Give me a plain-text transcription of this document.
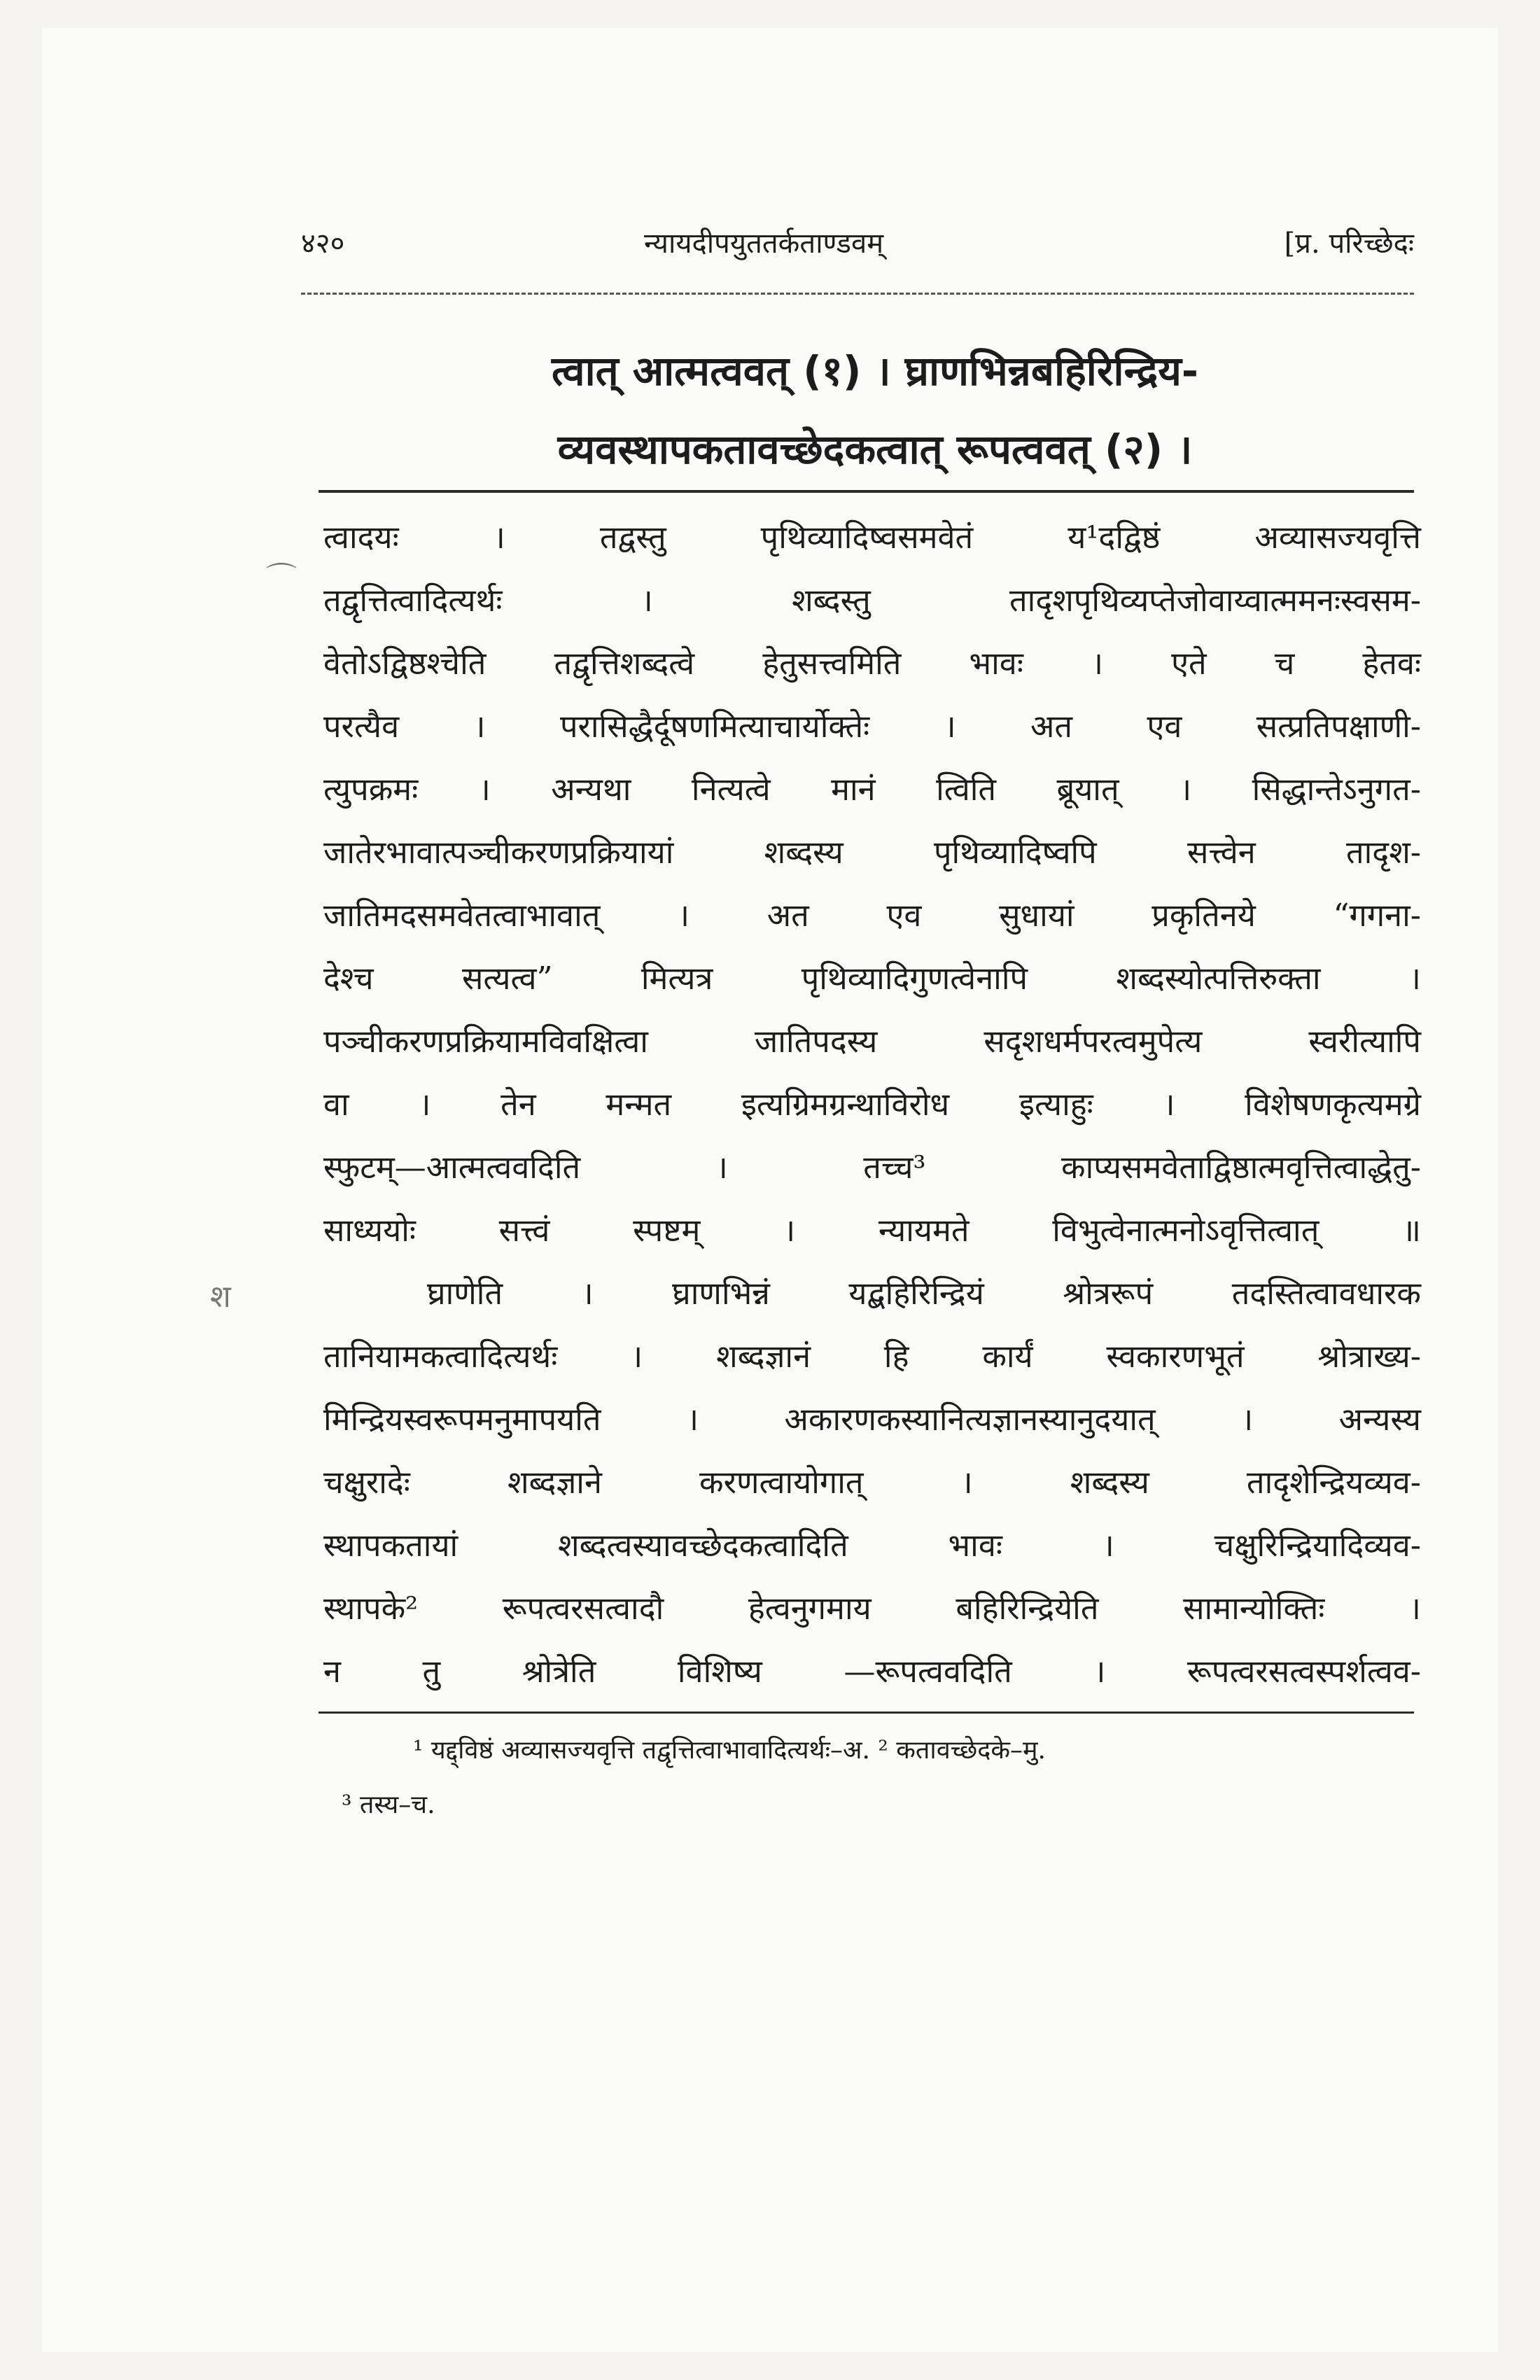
४२०	न्यायदीपयुततर्कताण्डवम्	[प्र. परिच्छेदः
त्वात् आत्मत्ववत् (१) । घ्राणभिन्नबहिरिन्द्रिय-
व्यवस्थापकतावच्छेदकत्वात् रूपत्ववत् (२) ।
⌒
श
त्वादयः । तद्वस्तु पृथिव्यादिष्वसमवेतं य¹दद्विष्ठं अव्यासज्यवृत्ति
तद्वृत्तित्वादित्यर्थः । शब्दस्तु तादृशपृथिव्यप्तेजोवाय्वात्ममनःस्वसम-
वेतोऽद्विष्ठश्चेति तद्वृत्तिशब्दत्वे हेतुसत्त्वमिति भावः । एते च हेतवः
परत्यैव । परासिद्धैर्दूषणमित्याचार्योक्तेः । अत एव सत्प्रतिपक्षाणी-
त्युपक्रमः । अन्यथा नित्यत्वे मानं त्विति ब्रूयात् । सिद्धान्तेऽनुगत-
जातेरभावात्पञ्चीकरणप्रक्रियायां शब्दस्य पृथिव्यादिष्वपि सत्त्वेन तादृश-
जातिमदसमवेतत्वाभावात् । अत एव सुधायां प्रकृतिनये “गगना-
देश्च सत्यत्व” मित्यत्र पृथिव्यादिगुणत्वेनापि शब्दस्योत्पत्तिरुक्ता ।
पञ्चीकरणप्रक्रियामविवक्षित्वा जातिपदस्य सदृशधर्मपरत्वमुपेत्य स्वरीत्यापि
वा । तेन मन्मत इत्यग्रिमग्रन्थाविरोध इत्याहुः । विशेषणकृत्यमग्रे
स्फुटम्—आत्मत्ववदिति । तच्च³ काप्यसमवेताद्विष्ठात्मवृत्तित्वाद्धेतु-
साध्ययोः सत्त्वं स्पष्टम् । न्यायमते विभुत्वेनात्मनोऽवृत्तित्वात् ॥
घ्राणेति । घ्राणभिन्नं यद्बहिरिन्द्रियं श्रोत्ररूपं तदस्तित्वावधारक
तानियामकत्वादित्यर्थः । शब्दज्ञानं हि कार्यं स्वकारणभूतं श्रोत्राख्य-
मिन्द्रियस्वरूपमनुमापयति । अकारणकस्यानित्यज्ञानस्यानुदयात् । अन्यस्य
चक्षुरादेः शब्दज्ञाने करणत्वायोगात् । शब्दस्य तादृशेन्द्रियव्यव-
स्थापकतायां शब्दत्वस्यावच्छेदकत्वादिति भावः । चक्षुरिन्द्रियादिव्यव-
स्थापके² रूपत्वरसत्वादौ हेत्वनुगमाय बहिरिन्द्रियेति सामान्योक्तिः ।
न तु श्रोत्रेति विशिष्य —रूपत्ववदिति । रूपत्वरसत्वस्पर्शत्वव-
¹ यद्द्विष्ठं अव्यासज्यवृत्ति तद्वृत्तित्वाभावादित्यर्थः–अ. ² कतावच्छेदके–मु.
³ तस्य–च.
